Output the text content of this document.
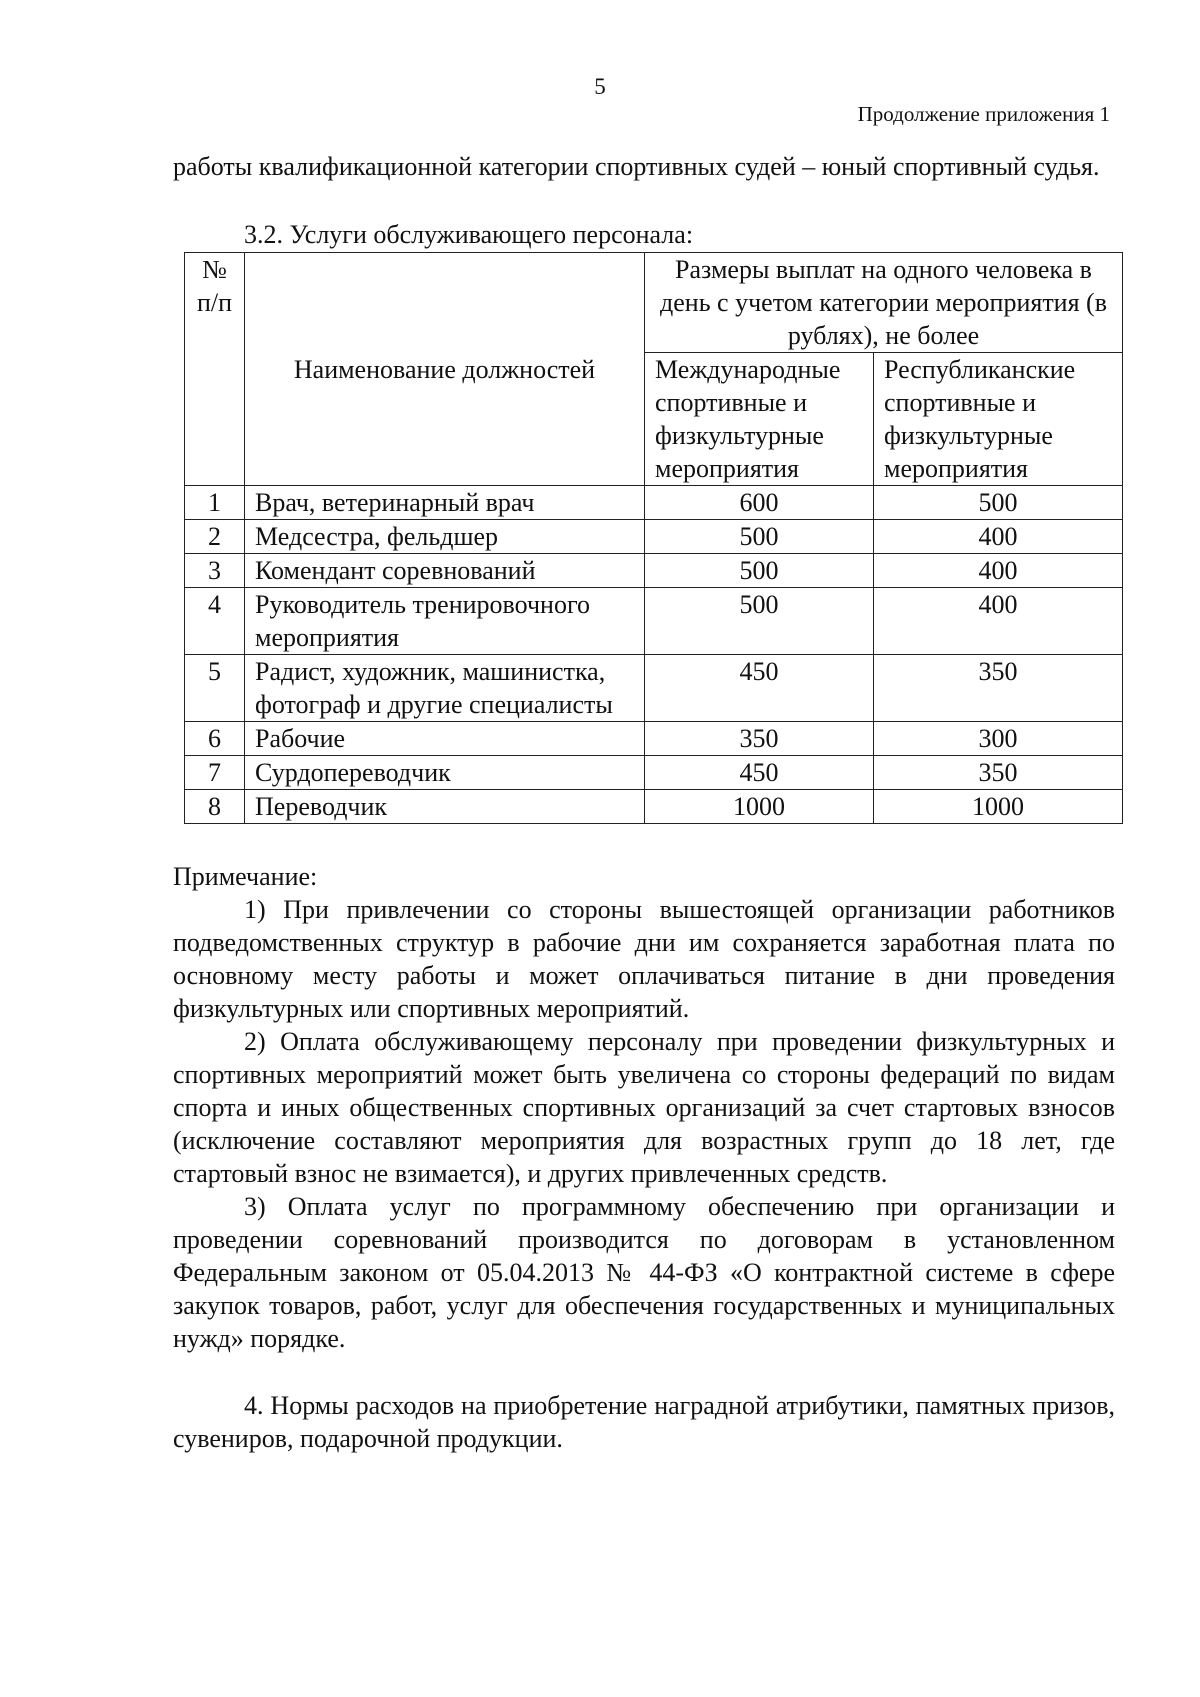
5
Продолжение приложения 1

работы квалификационной категории спортивных судей – юный спортивный судья.

3.2. Услуги обслуживающего персонала:

№ п/п	Наименование должностей	Размеры выплат на одного человека в день с учетом категории мероприятия (в рублях), не более	
		Международные спортивные и физкультурные мероприятия	Республиканские спортивные и физкультурные мероприятия
1	Врач, ветеринарный врач	600	500
2	Медсестра, фельдшер	500	400
3	Комендант соревнований	500	400
4	Руководитель тренировочного мероприятия	500	400
5	Радист, художник, машинистка, фотограф и другие специалисты	450	350
6	Рабочие	350	300
7	Сурдопереводчик	450	350
8	Переводчик	1000	1000

Примечание:

1) При привлечении со стороны вышестоящей организации работников подведомственных структур в рабочие дни им сохраняется заработная плата по основному месту работы и может оплачиваться питание в дни проведения физкультурных или спортивных мероприятий.

2) Оплата обслуживающему персоналу при проведении физкультурных и спортивных мероприятий может быть увеличена со стороны федераций по видам спорта и иных общественных спортивных организаций за счет стартовых взносов (исключение составляют мероприятия для возрастных групп до 18 лет, где стартовый взнос не взимается), и других привлеченных средств.

3) Оплата услуг по программному обеспечению при организации и проведении соревнований производится по договорам в установленном Федеральным законом от 05.04.2013 № 44-ФЗ «О контрактной системе в сфере закупок товаров, работ, услуг для обеспечения государственных и муниципальных нужд» порядке.

4. Нормы расходов на приобретение наградной атрибутики, памятных призов, сувениров, подарочной продукции.
